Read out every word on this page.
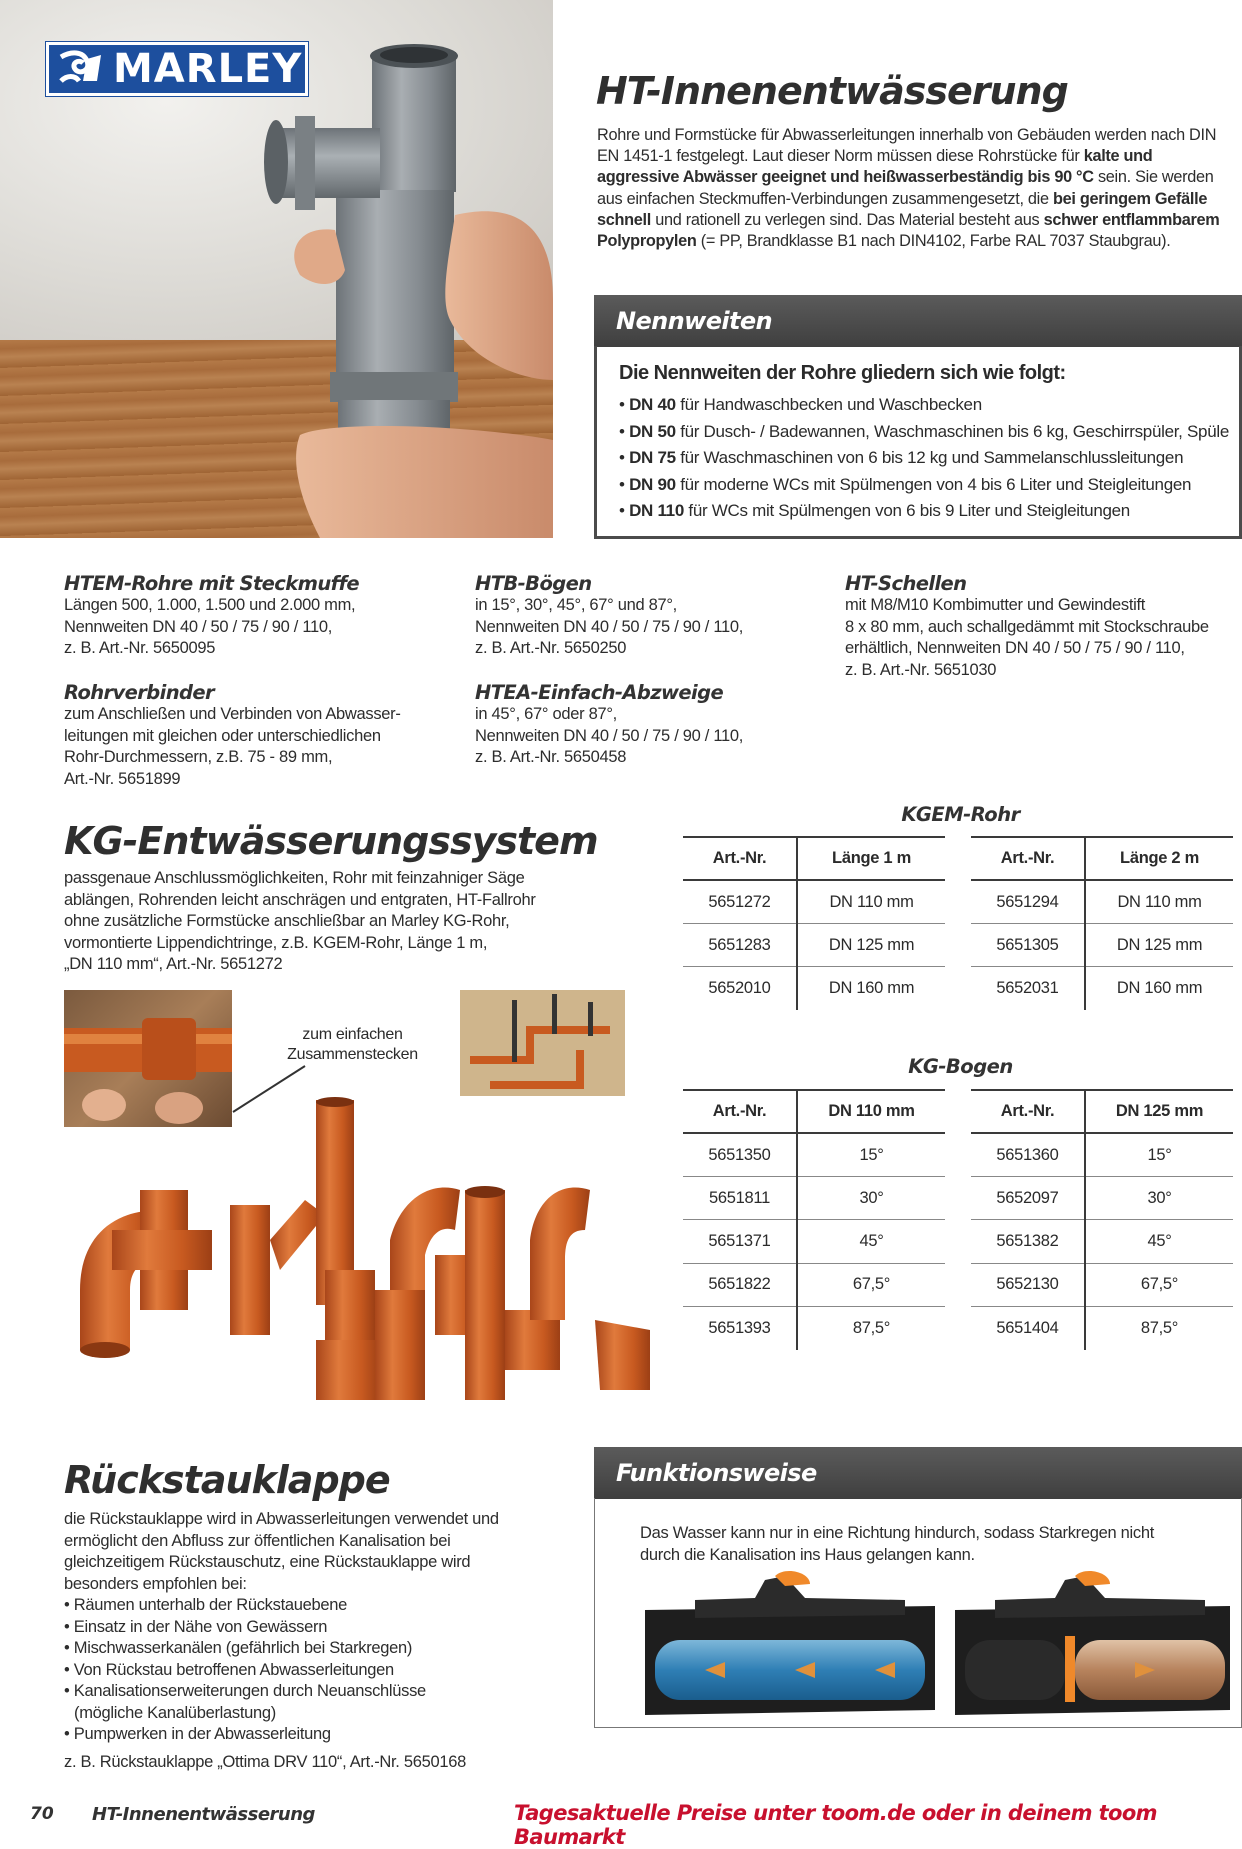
MARLEY	HT-Innenentwässerung
Rohre und Formstücke für Abwasserleitungen innerhalb von Gebäuden werden nach DIN EN 1451-1 festgelegt. Laut dieser Norm müssen diese Rohrstücke für kalte und aggressive Abwässer geeignet und heißwasserbeständig bis 90 °C sein. Sie werden aus einfachen Steckmuffen-Verbindungen zusammengesetzt, die bei geringem Gefälle schnell und rationell zu verlegen sind. Das Material besteht aus schwer entflammbarem Polypropylen (= PP, Brandklasse B1 nach DIN4102, Farbe RAL 7037 Staubgrau).
Nennweiten
Die Nennweiten der Rohre gliedern sich wie folgt:
• DN 40 für Handwaschbecken und Waschbecken
• DN 50 für Dusch- / Badewannen, Waschmaschinen bis 6 kg, Geschirrspüler, Spüle
• DN 75 für Waschmaschinen von 6 bis 12 kg und Sammelanschlussleitungen
• DN 90 für moderne WCs mit Spülmengen von 4 bis 6 Liter und Steigleitungen
• DN 110 für WCs mit Spülmengen von 6 bis 9 Liter und Steigleitungen
HTEM-Rohre mit Steckmuffe
Längen 500, 1.000, 1.500 und 2.000 mm,
Nennweiten DN 40 / 50 / 75 / 90 / 110,
z. B. Art.-Nr. 5650095
Rohrverbinder
zum Anschließen und Verbinden von Abwasser-
leitungen mit gleichen oder unterschiedlichen
Rohr-Durchmessern, z.B. 75 - 89 mm,
Art.-Nr. 5651899
HTB-Bögen
in 15°, 30°, 45°, 67° und 87°,
Nennweiten DN 40 / 50 / 75 / 90 / 110,
z. B. Art.-Nr. 5650250
HTEA-Einfach-Abzweige
in 45°, 67° oder 87°,
Nennweiten DN 40 / 50 / 75 / 90 / 110,
z. B. Art.-Nr. 5650458
HT-Schellen
mit M8/M10 Kombimutter und Gewindestift
8 x 80 mm, auch schallgedämmt mit Stockschraube
erhältlich, Nennweiten DN 40 / 50 / 75 / 90 / 110,
z. B. Art.-Nr. 5651030
KG-Entwässerungssystem
passgenaue Anschlussmöglichkeiten, Rohr mit feinzahniger Säge
ablängen, Rohrenden leicht anschrägen und entgraten, HT-Fallrohr
ohne zusätzliche Formstücke anschließbar an Marley KG-Rohr,
vormontierte Lippendichtringe, z.B. KGEM-Rohr, Länge 1 m,
„DN 110 mm“, Art.-Nr. 5651272
zum einfachen
Zusammenstecken
KGEM-Rohr
Art.-Nr.	Länge 1 m
5651272	DN 110 mm
5651283	DN 125 mm
5652010	DN 160 mm
Art.-Nr.	Länge 2 m
5651294	DN 110 mm
5651305	DN 125 mm
5652031	DN 160 mm
KG-Bogen
Art.-Nr.	DN 110 mm
5651350	15°
5651811	30°
5651371	45°
5651822	67,5°
5651393	87,5°
Art.-Nr.	DN 125 mm
5651360	15°
5652097	30°
5651382	45°
5652130	67,5°
5651404	87,5°
Rückstauklappe
die Rückstauklappe wird in Abwasserleitungen verwendet und
ermöglicht den Abfluss zur öffentlichen Kanalisation bei
gleichzeitigem Rückstauschutz, eine Rückstauklappe wird
besonders empfohlen bei:
• Räumen unterhalb der Rückstauebene
• Einsatz in der Nähe von Gewässern
• Mischwasserkanälen (gefährlich bei Starkregen)
• Von Rückstau betroffenen Abwasserleitungen
• Kanalisationserweiterungen durch Neuanschlüsse
(mögliche Kanalüberlastung)
• Pumpwerken in der Abwasserleitung
z. B. Rückstauklappe „Ottima DRV 110“, Art.-Nr. 5650168
Funktionsweise
Das Wasser kann nur in eine Richtung hindurch, sodass Starkregen nicht
durch die Kanalisation ins Haus gelangen kann.
70 HT-Innenentwässerung	Tagesaktuelle Preise unter toom.de oder in deinem toom Baumarkt
